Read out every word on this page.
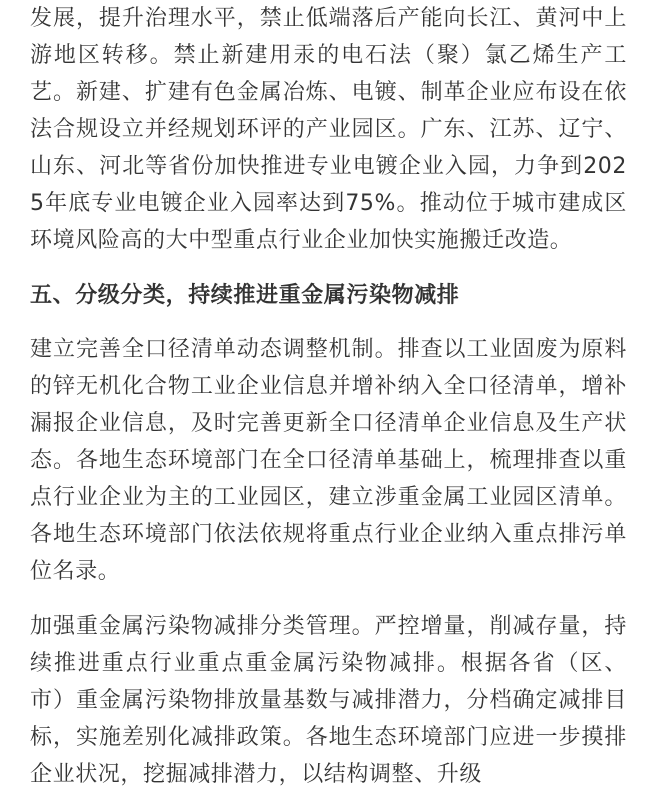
发展，提升治理水平，禁止低端落后产能向长江、黄河中上游地区转移。禁止新建用汞的电石法（聚）氯乙烯生产工艺。新建、扩建有色金属冶炼、电镀、制革企业应布设在依法合规设立并经规划环评的产业园区。广东、江苏、辽宁、山东、河北等省份加快推进专业电镀企业入园，力争到2025年底专业电镀企业入园率达到75%。推动位于城市建成区环境风险高的大中型重点行业企业加快实施搬迁改造。

五、分级分类，持续推进重金属污染物减排

建立完善全口径清单动态调整机制。排查以工业固废为原料的锌无机化合物工业企业信息并增补纳入全口径清单，增补漏报企业信息，及时完善更新全口径清单企业信息及生产状态。各地生态环境部门在全口径清单基础上，梳理排查以重点行业企业为主的工业园区，建立涉重金属工业园区清单。各地生态环境部门依法依规将重点行业企业纳入重点排污单位名录。

加强重金属污染物减排分类管理。严控增量，削减存量，持续推进重点行业重点重金属污染物减排。根据各省（区、市）重金属污染物排放量基数与减排潜力，分档确定减排目标，实施差别化减排政策。各地生态环境部门应进一步摸排企业状况，挖掘减排潜力，以结构调整、升级
